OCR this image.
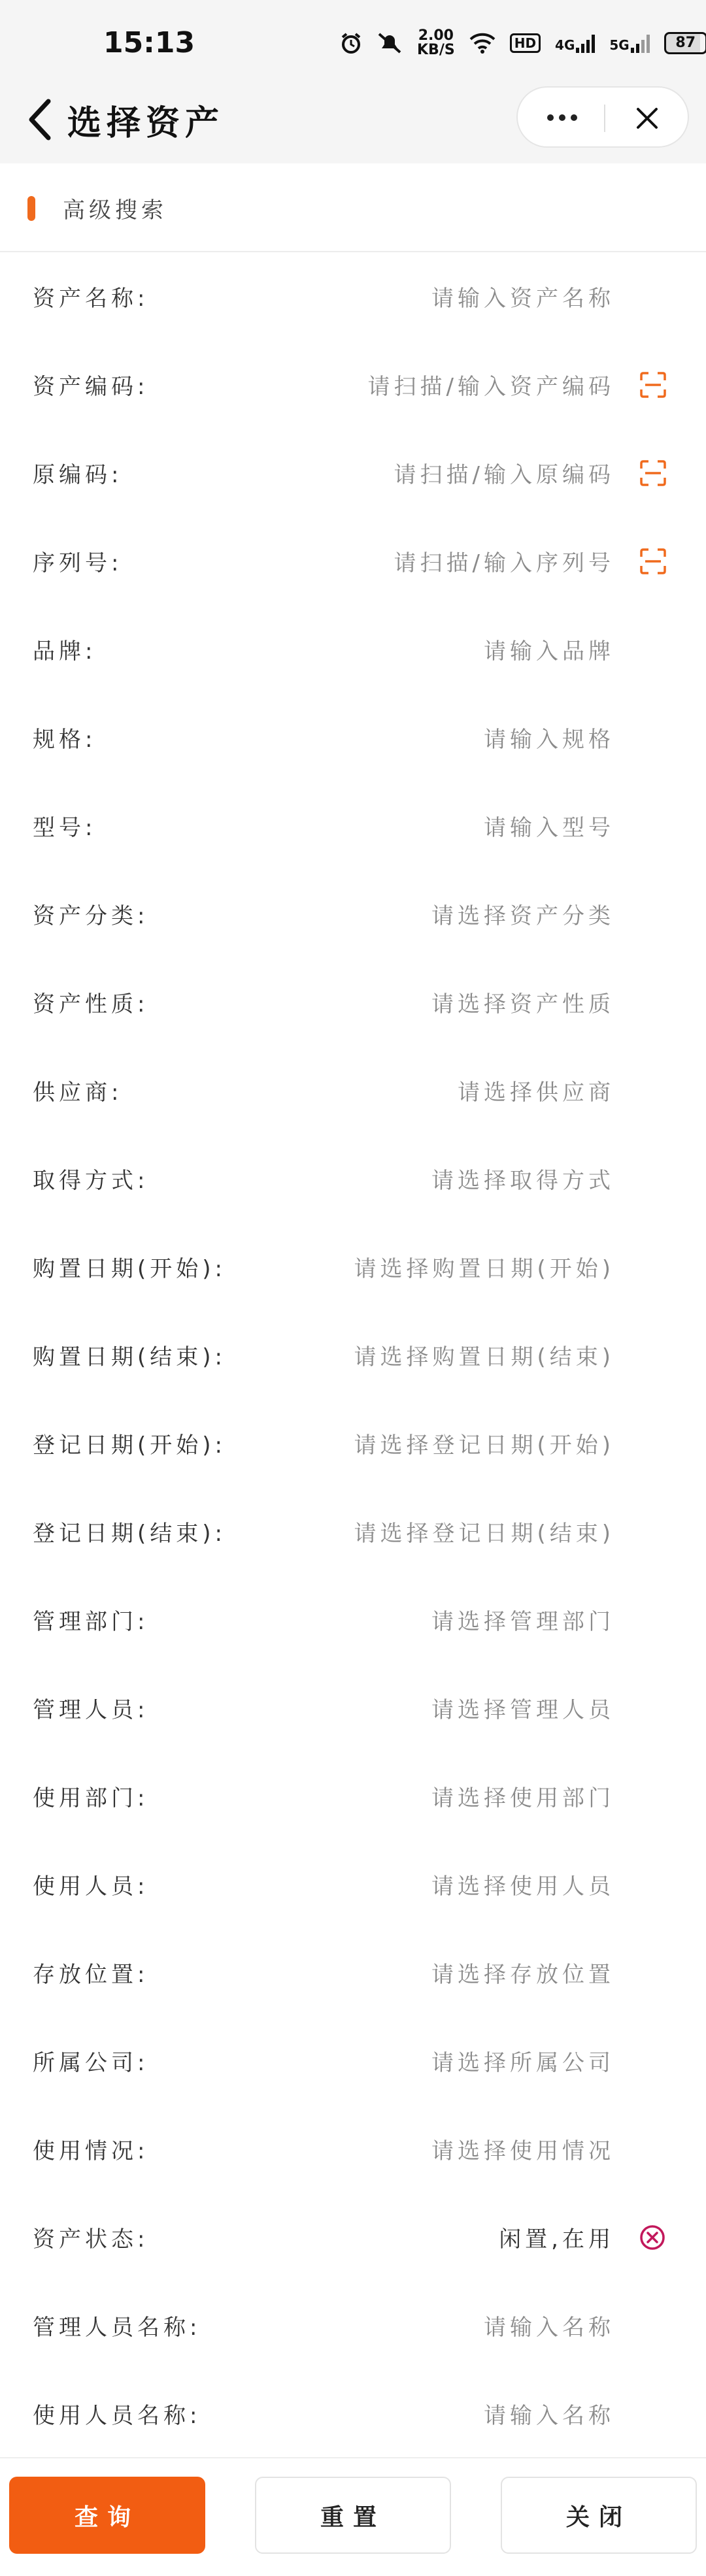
15:13	2.00
KB/S	HD	4G	5G	87
选择资产
高级搜索
资产名称:	请输入资产名称
资产编码:	请扫描/输入资产编码
原编码:	请扫描/输入原编码
序列号:	请扫描/输入序列号
品牌:	请输入品牌
规格:	请输入规格
型号:	请输入型号
资产分类:	请选择资产分类
资产性质:	请选择资产性质
供应商:	请选择供应商
取得方式:	请选择取得方式
购置日期(开始):	请选择购置日期(开始)
购置日期(结束):	请选择购置日期(结束)
登记日期(开始):	请选择登记日期(开始)
登记日期(结束):	请选择登记日期(结束)
管理部门:	请选择管理部门
管理人员:	请选择管理人员
使用部门:	请选择使用部门
使用人员:	请选择使用人员
存放位置:	请选择存放位置
所属公司:	请选择所属公司
使用情况:	请选择使用情况
资产状态:	闲置,在用
管理人员名称:	请输入名称
使用人员名称:	请输入名称
查询	重置	关闭
